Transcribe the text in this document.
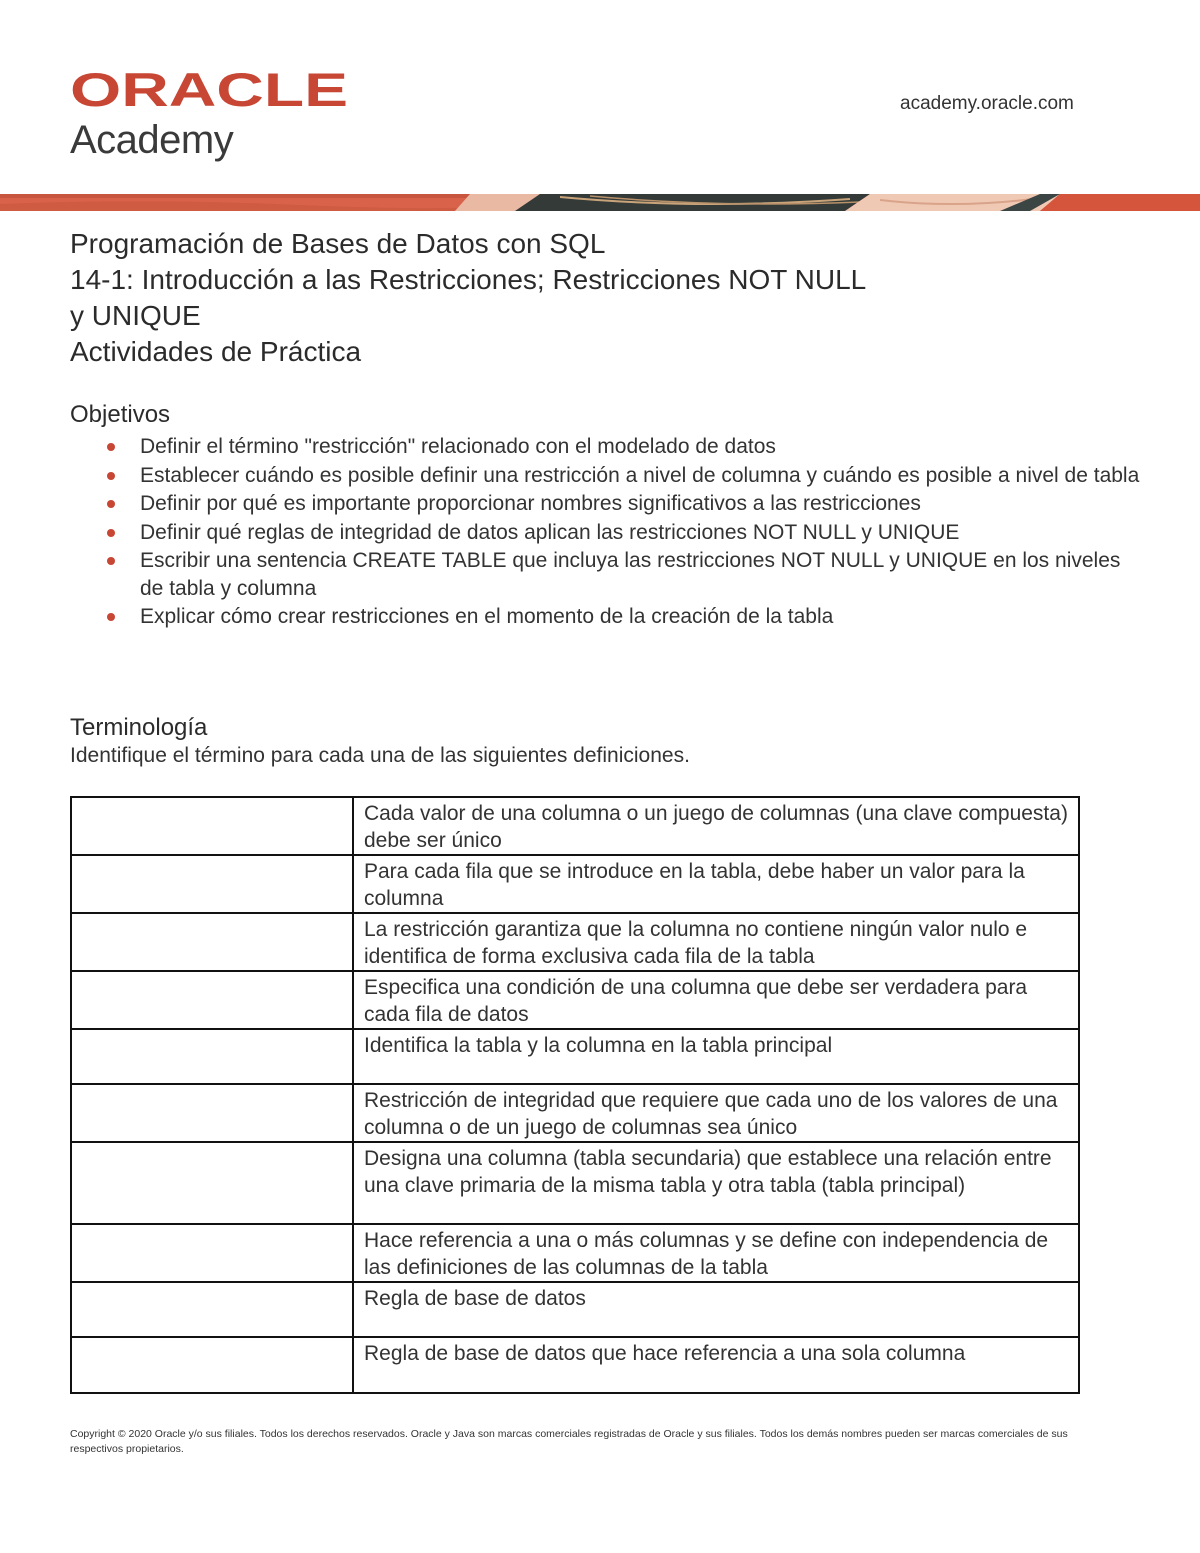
ORACLE
Academy
academy.oracle.com
Programación de Bases de Datos con SQL
14-1: Introducción a las Restricciones; Restricciones NOT NULL
y UNIQUE
Actividades de Práctica
Objetivos
Definir el término "restricción" relacionado con el modelado de datos
Establecer cuándo es posible definir una restricción a nivel de columna y cuándo es posible a nivel de tabla
Definir por qué es importante proporcionar nombres significativos a las restricciones
Definir qué reglas de integridad de datos aplican las restricciones NOT NULL y UNIQUE
Escribir una sentencia CREATE TABLE que incluya las restricciones NOT NULL y UNIQUE en los niveles de tabla y columna
Explicar cómo crear restricciones en el momento de la creación de la tabla
Terminología
Identifique el término para cada una de las siguientes definiciones.
	Cada valor de una columna o un juego de columnas (una clave compuesta) debe ser único
	Para cada fila que se introduce en la tabla, debe haber un valor para la columna
	La restricción garantiza que la columna no contiene ningún valor nulo e identifica de forma exclusiva cada fila de la tabla
	Especifica una condición de una columna que debe ser verdadera para cada fila de datos
	Identifica la tabla y la columna en la tabla principal
	Restricción de integridad que requiere que cada uno de los valores de una columna o de un juego de columnas sea único
	Designa una columna (tabla secundaria) que establece una relación entre una clave primaria de la misma tabla y otra tabla (tabla principal)
	Hace referencia a una o más columnas y se define con independencia de las definiciones de las columnas de la tabla
	Regla de base de datos
	Regla de base de datos que hace referencia a una sola columna
Copyright © 2020 Oracle y/o sus filiales. Todos los derechos reservados. Oracle y Java son marcas comerciales registradas de Oracle y sus filiales. Todos los demás nombres pueden ser marcas comerciales de sus respectivos propietarios.
